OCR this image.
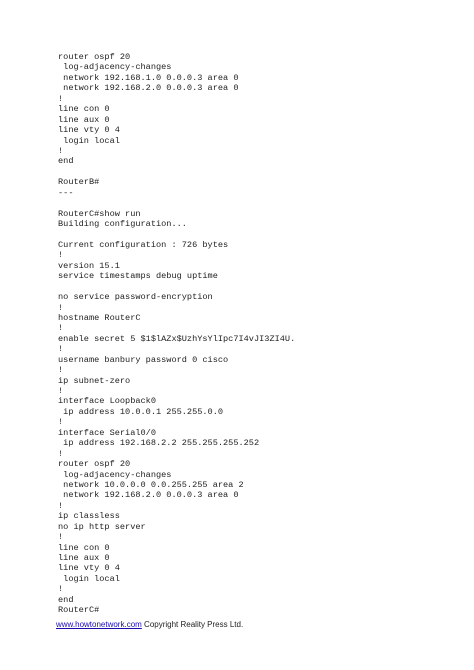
router ospf 20
log-adjacency-changes
network 192.168.1.0 0.0.0.3 area 0
network 192.168.2.0 0.0.0.3 area 0
!
line con 0
line aux 0
line vty 0 4
login local
!
end
RouterB#
---
RouterC#show run
Building configuration...
Current configuration : 726 bytes
!
version 15.1
service timestamps debug uptime
no service password-encryption
!
hostname RouterC
!
enable secret 5 $1$lAZx$UzhYsYlIpc7I4vJI3ZI4U.
!
username banbury password 0 cisco
!
ip subnet-zero
!
interface Loopback0
ip address 10.0.0.1 255.255.0.0
!
interface Serial0/0
ip address 192.168.2.2 255.255.255.252
!
router ospf 20
log-adjacency-changes
network 10.0.0.0 0.0.255.255 area 2
network 192.168.2.0 0.0.0.3 area 0
!
ip classless
no ip http server
!
line con 0
line aux 0
line vty 0 4
login local
!
end
RouterC#
www.howtonetwork.com Copyright Reality Press Ltd.
